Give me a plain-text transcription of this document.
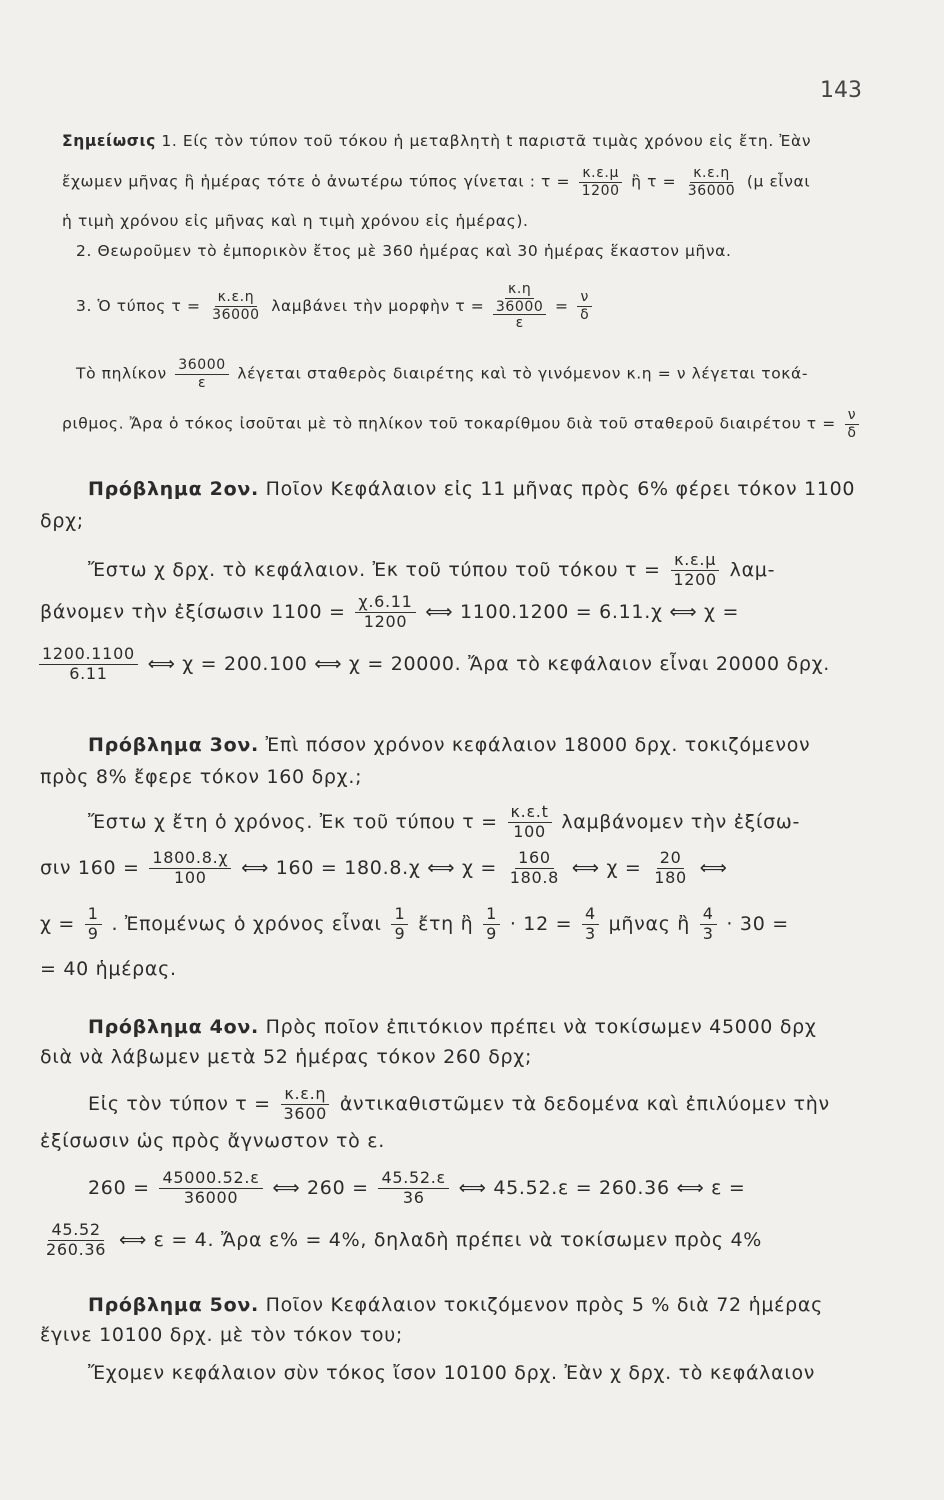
143
Σημείωσις 1. Είς τὸν τύπον τοῦ τόκου ἡ μεταβλητὴ t παριστᾶ τιμὰς χρόνου εἰς ἔτη. Ἐὰν
ἔχωμεν μῆνας ἢ ἡμέρας τότε ὁ ἀνωτέρω τύπος γίνεται : $\tau = \frac{\kappa.\varepsilon.\mu}{1200}$ ἢ $\tau = \frac{\kappa.\varepsilon.\eta}{36000} (\mu$ εἶναι
ἡ τιμὴ χρόνου εἰς μῆνας καὶ η τιμὴ χρόνου εἰς ἡμέρας).
2. Θεωροῦμεν τὸ ἐμπορικὸν ἔτος μὲ 360 ἡμέρας καὶ 30 ἡμέρας ἕκαστον μῆνα.
3. Ὁ τύπος $\tau = \frac{\kappa.\varepsilon.\eta}{36000}$ λαμβάνει τὴν μορφὴν τ =
κ.η
36000
ε
= $\frac{\nu}{\delta}$
Τὸ πηλίκον $\frac{36000}{\varepsilon}$ λέγεται σταθερὸς διαιρέτης καὶ τὸ γινόμενον κ.η = ν λέγεται τοκά-
ριθμος. Ἄρα ὁ τόκος ἰσοῦται μὲ τὸ πηλίκον τοῦ τοκαρίθμου διὰ τοῦ σταθεροῦ διαιρέτου $\tau = \frac{\nu}{\delta}$
Πρόβλημα 2ον. Ποῖον Κεφάλαιον εἰς 11 μῆνας πρὸς 6% φέρει τόκον 1100
δρχ;
Ἔστω χ δρχ. τὸ κεφάλαιον. Ἐκ τοῦ τύπου τοῦ τόκου $\tau = \frac{\kappa.\varepsilon.\mu}{1200} \lambda\alpha\mu-$
βάνομεν τὴν ἐξίσωσιν $1100 = \frac{\chi.6.11}{1200}$ ⟺ 1100.1200 = 6.11.χ ⟺ χ =
$\frac{1200.1100}{6.11}$ ⟺ χ = 200.100 ⟺ χ = 20000. Ἄρα τὸ κεφάλαιον εἶναι 20000 δρχ.
Πρόβλημα 3ον. Ἐπὶ πόσον χρόνον κεφάλαιον 18000 δρχ. τοκιζόμενον
πρὸς 8% ἔφερε τόκον 160 δρχ.;
Ἔστω χ ἔτη ὁ χρόνος. Ἐκ τοῦ τύπου $\tau = \frac{\kappa.\varepsilon.t}{100}$ λαμβάνομεν τὴν ἐξίσω-
σιν $160 = \frac{1800.8.\chi}{100}$ ⟺ 160 = 180.8.χ ⟺ $\chi = \frac{160}{180.8}$ ⟺ $\chi = \frac{20}{180}$ ⟺
$\chi = \frac{1}{9}$ . Ἐπομένως ὁ χρόνος εἶναι $\frac{1}{9}$ ἔτη ἢ $\frac{1}{9} \cdot 12 = \frac{4}{3}$ μῆνας ἢ $\frac{4}{3} \cdot 30$ =
= 40 ἡμέρας.
Πρόβλημα 4ον. Πρὸς ποῖον ἐπιτόκιον πρέπει νὰ τοκίσωμεν 45000 δρχ
διὰ νὰ λάβωμεν μετὰ 52 ἡμέρας τόκον 260 δρχ;
Εἰς τὸν τύπον $\tau = \frac{\kappa.\varepsilon.\eta}{3600}$ ἀντικαθιστῶμεν τὰ δεδομένα καὶ ἐπιλύομεν τὴν
ἐξίσωσιν ὡς πρὸς ἄγνωστον τὸ ε.
$260 = \frac{45000.52.\varepsilon}{36000}$ ⟺ $260 = \frac{45.52.\varepsilon}{36}$ ⟺ 45.52.ε = 260.36 ⟺ ε =
$\frac{45.52}{260.36}$ ⟺ ε = 4. Ἄρα ε% = 4%, δηλαδὴ πρέπει νὰ τοκίσωμεν πρὸς 4%
Πρόβλημα 5ον. Ποῖον Κεφάλαιον τοκιζόμενον πρὸς 5 % διὰ 72 ἡμέρας
ἔγινε 10100 δρχ. μὲ τὸν τόκον του;
Ἔχομεν κεφάλαιον σὺν τόκος ἴσον 10100 δρχ. Ἐὰν χ δρχ. τὸ κεφάλαιον
